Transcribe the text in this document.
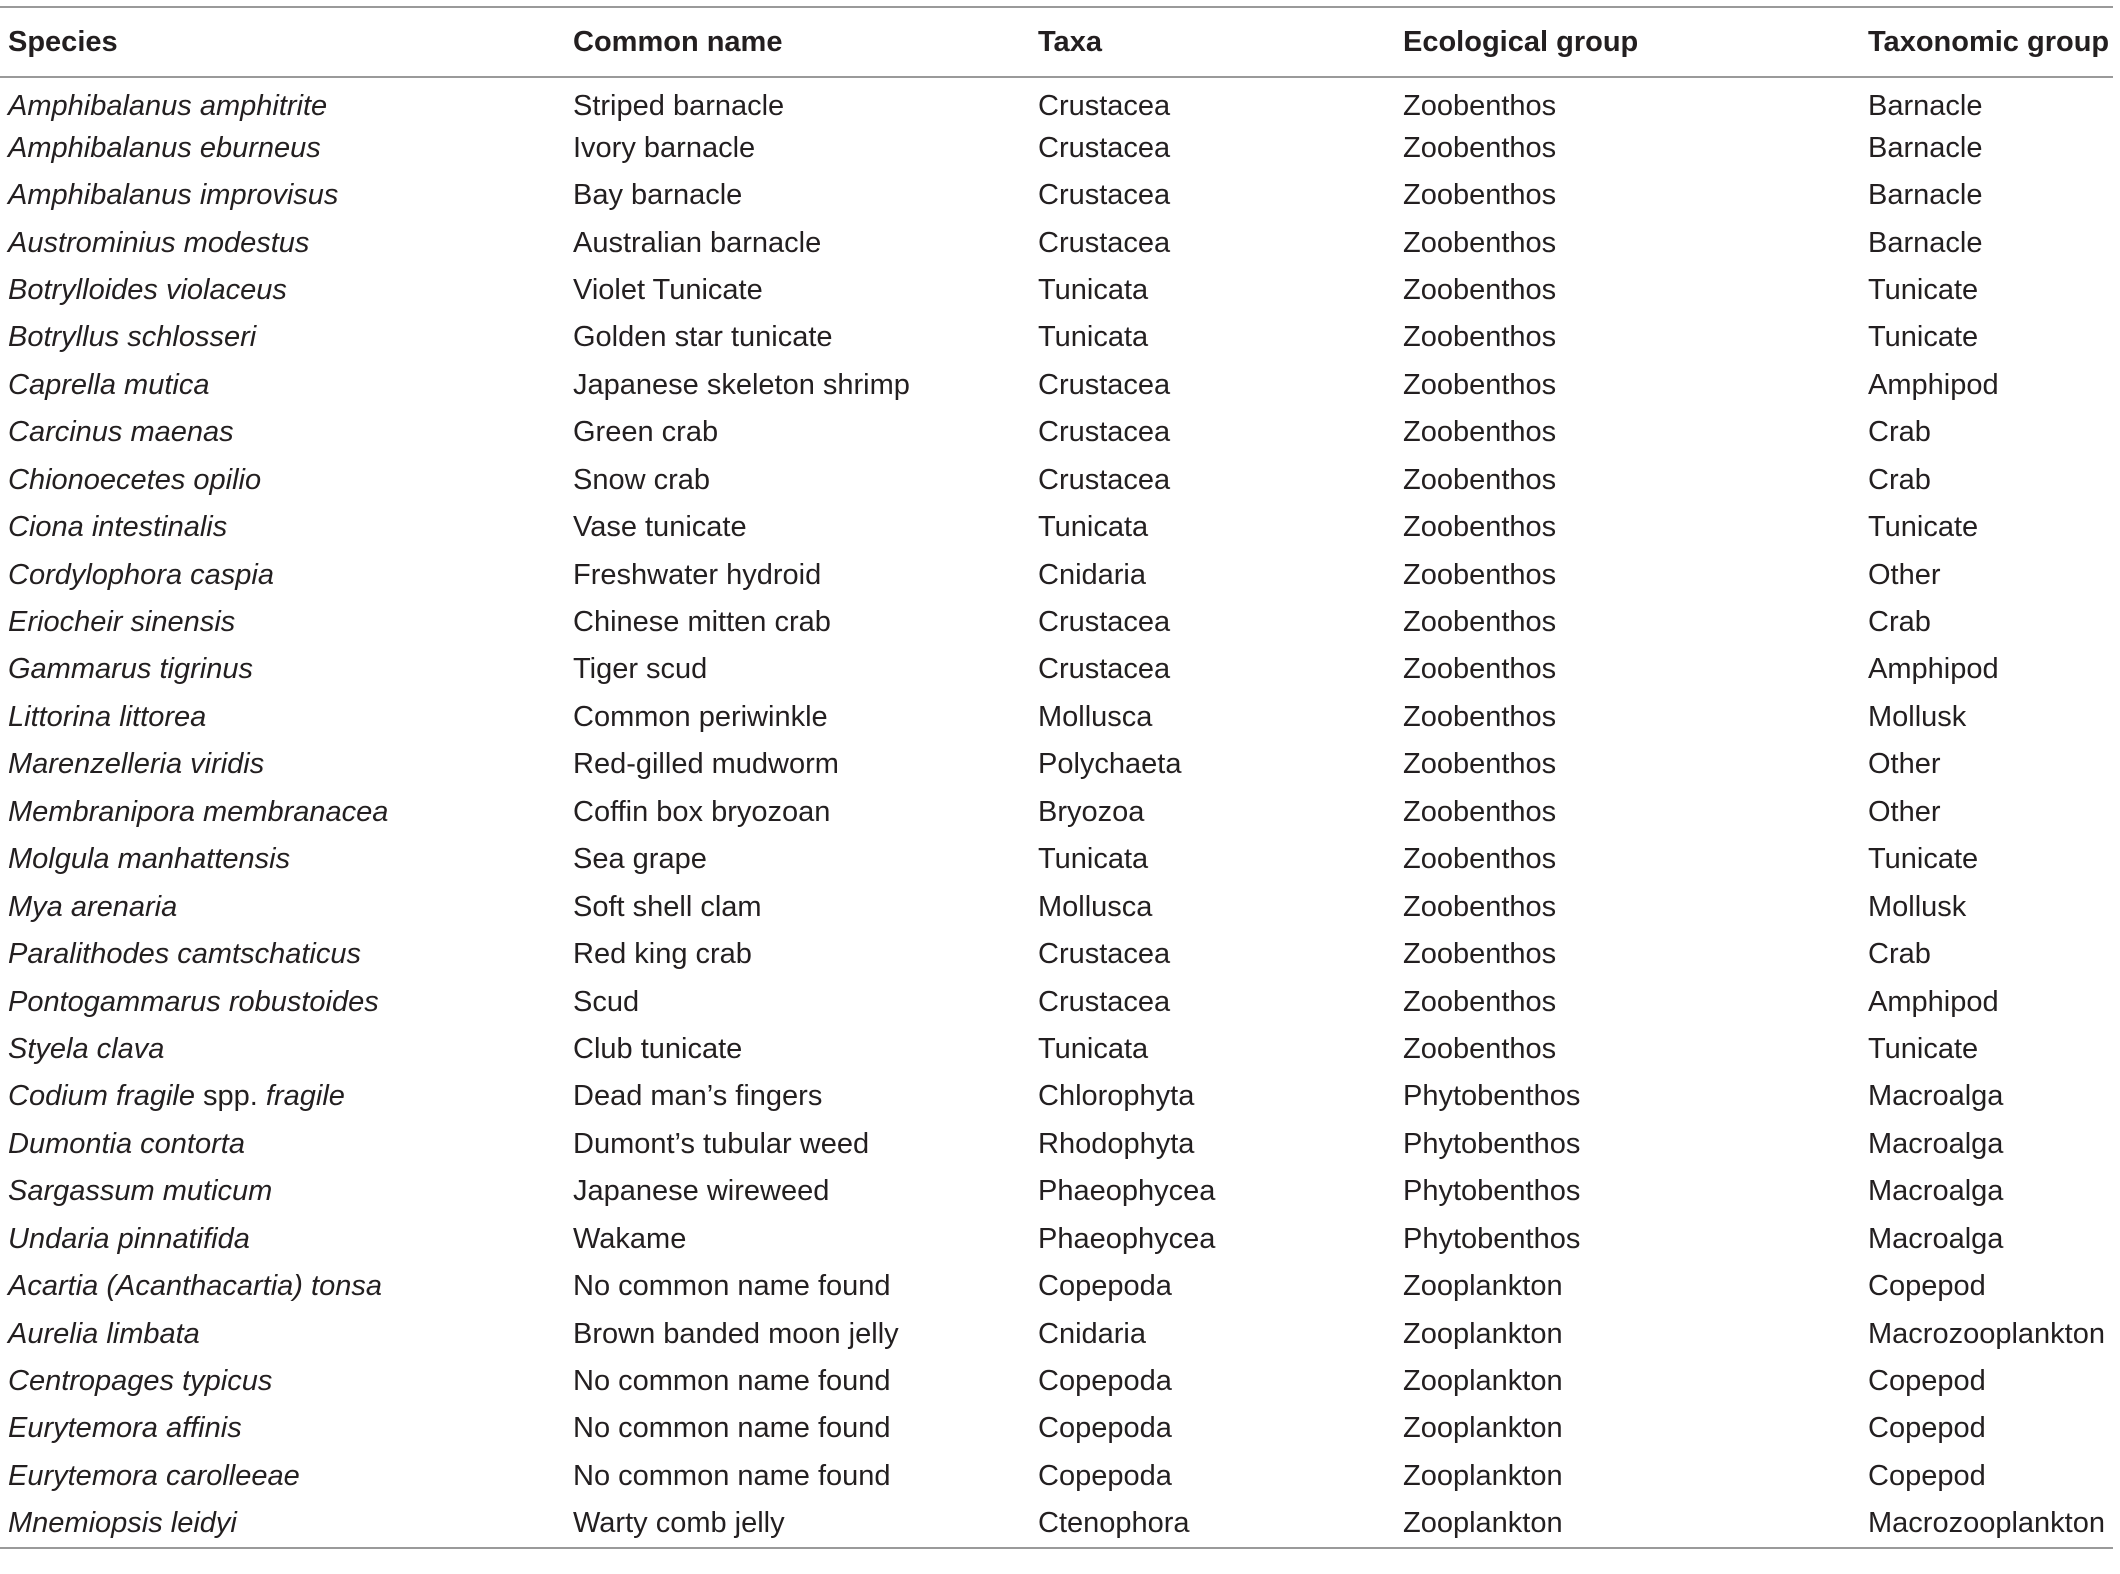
Species	Common name	Taxa	Ecological group	Taxonomic group
Amphibalanus amphitrite	Striped barnacle	Crustacea	Zoobenthos	Barnacle
Amphibalanus eburneus	Ivory barnacle	Crustacea	Zoobenthos	Barnacle
Amphibalanus improvisus	Bay barnacle	Crustacea	Zoobenthos	Barnacle
Austrominius modestus	Australian barnacle	Crustacea	Zoobenthos	Barnacle
Botrylloides violaceus	Violet Tunicate	Tunicata	Zoobenthos	Tunicate
Botryllus schlosseri	Golden star tunicate	Tunicata	Zoobenthos	Tunicate
Caprella mutica	Japanese skeleton shrimp	Crustacea	Zoobenthos	Amphipod
Carcinus maenas	Green crab	Crustacea	Zoobenthos	Crab
Chionoecetes opilio	Snow crab	Crustacea	Zoobenthos	Crab
Ciona intestinalis	Vase tunicate	Tunicata	Zoobenthos	Tunicate
Cordylophora caspia	Freshwater hydroid	Cnidaria	Zoobenthos	Other
Eriocheir sinensis	Chinese mitten crab	Crustacea	Zoobenthos	Crab
Gammarus tigrinus	Tiger scud	Crustacea	Zoobenthos	Amphipod
Littorina littorea	Common periwinkle	Mollusca	Zoobenthos	Mollusk
Marenzelleria viridis	Red-gilled mudworm	Polychaeta	Zoobenthos	Other
Membranipora membranacea	Coffin box bryozoan	Bryozoa	Zoobenthos	Other
Molgula manhattensis	Sea grape	Tunicata	Zoobenthos	Tunicate
Mya arenaria	Soft shell clam	Mollusca	Zoobenthos	Mollusk
Paralithodes camtschaticus	Red king crab	Crustacea	Zoobenthos	Crab
Pontogammarus robustoides	Scud	Crustacea	Zoobenthos	Amphipod
Styela clava	Club tunicate	Tunicata	Zoobenthos	Tunicate
Codium fragile spp. fragile	Dead man’s fingers	Chlorophyta	Phytobenthos	Macroalga
Dumontia contorta	Dumont’s tubular weed	Rhodophyta	Phytobenthos	Macroalga
Sargassum muticum	Japanese wireweed	Phaeophycea	Phytobenthos	Macroalga
Undaria pinnatifida	Wakame	Phaeophycea	Phytobenthos	Macroalga
Acartia (Acanthacartia) tonsa	No common name found	Copepoda	Zooplankton	Copepod
Aurelia limbata	Brown banded moon jelly	Cnidaria	Zooplankton	Macrozooplankton
Centropages typicus	No common name found	Copepoda	Zooplankton	Copepod
Eurytemora affinis	No common name found	Copepoda	Zooplankton	Copepod
Eurytemora carolleeae	No common name found	Copepoda	Zooplankton	Copepod
Mnemiopsis leidyi	Warty comb jelly	Ctenophora	Zooplankton	Macrozooplankton
